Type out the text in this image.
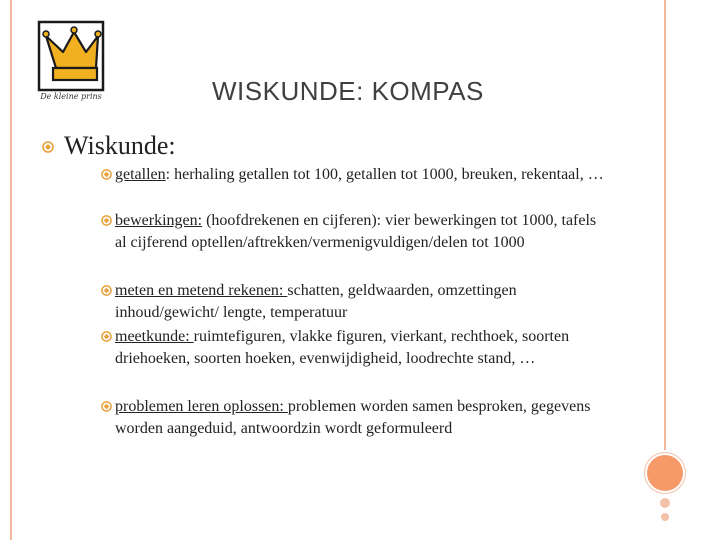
De kleine prins	WISKUNDE: KOMPAS
Wiskunde:
getallen: herhaling getallen tot 100, getallen tot 1000, breuken, rekentaal, …
bewerkingen: (hoofdrekenen en cijferen): vier bewerkingen tot 1000, tafels al cijferend optellen/aftrekken/vermenigvuldigen/delen tot 1000
meten en metend rekenen: schatten, geldwaarden, omzettingen inhoud/gewicht/ lengte, temperatuur
meetkunde: ruimtefiguren, vlakke figuren, vierkant, rechthoek, soorten driehoeken, soorten hoeken, evenwijdigheid, loodrechte stand, …
problemen leren oplossen: problemen worden samen besproken, gegevens worden aangeduid, antwoordzin wordt geformuleerd
